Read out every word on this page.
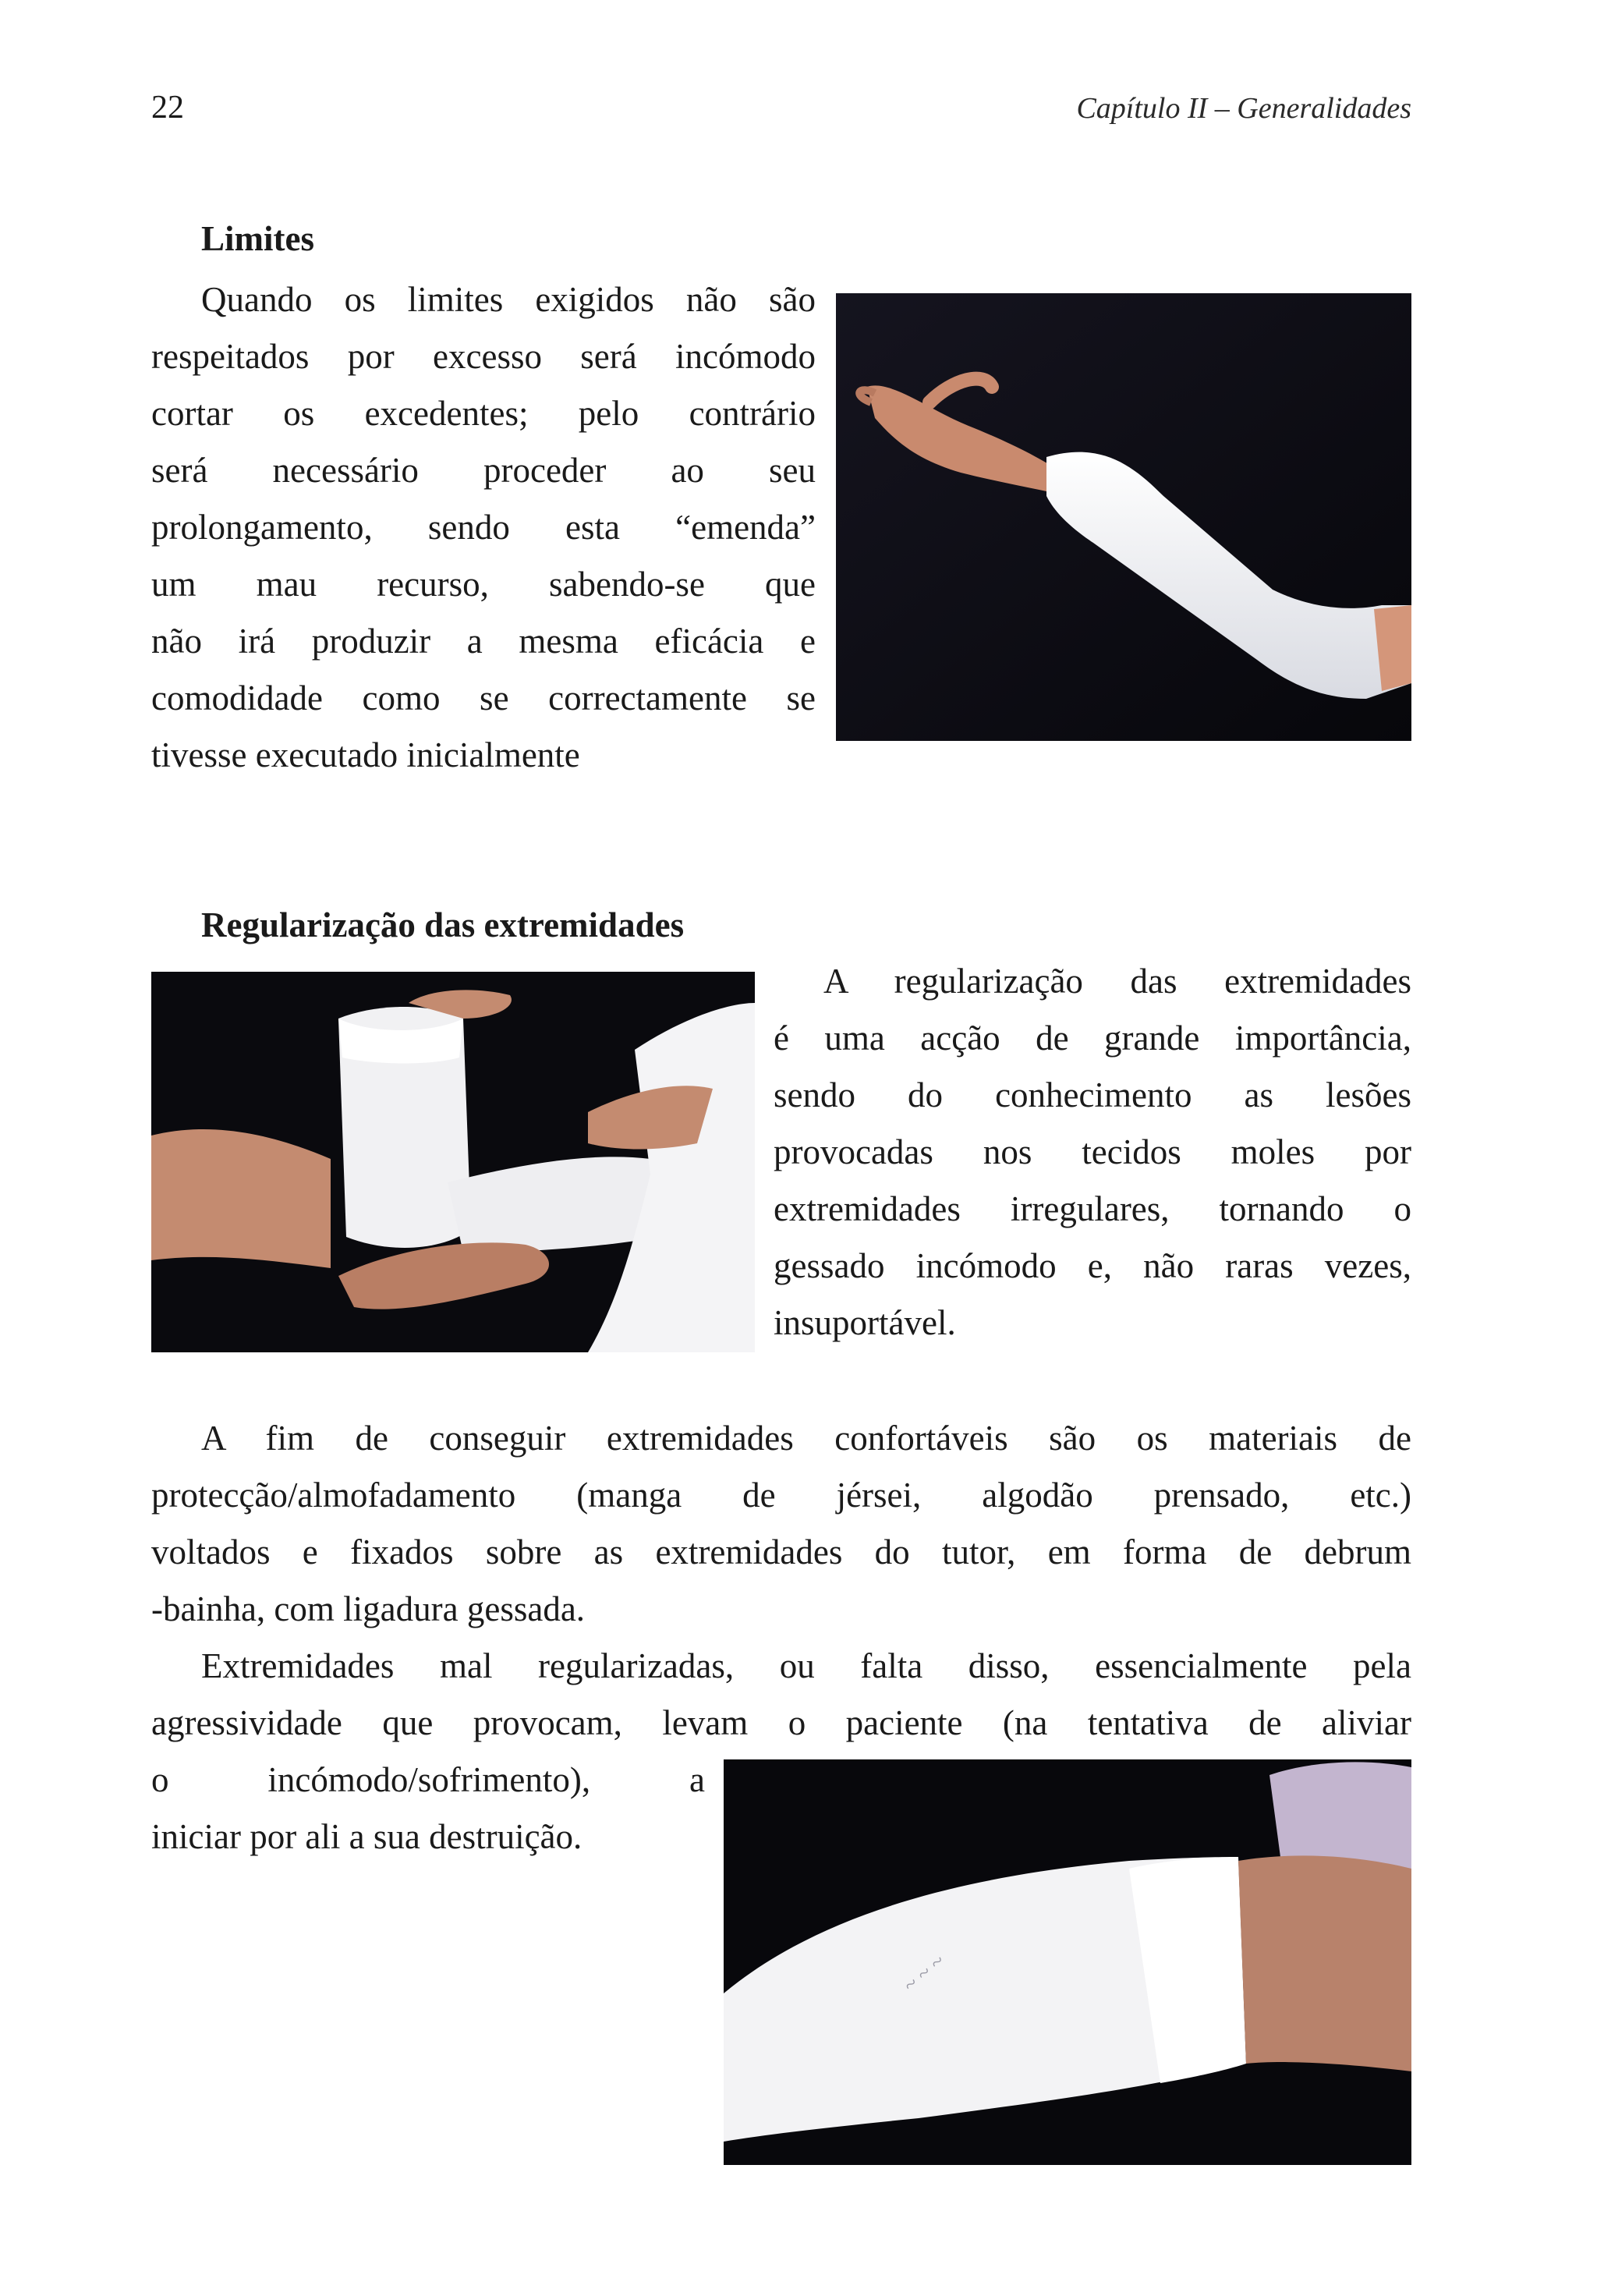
22	Capítulo II – Generalidades

Limites

Quando os limites exigidos não são

respeitados por excesso será incómodo

cortar os excedentes; pelo contrário

será necessário proceder ao seu

prolongamento, sendo esta “emenda”

um mau recurso, sabendo-se que

não irá produzir a mesma eficácia e

comodidade como se correctamente se

tivesse executado inicialmente

Regularização das extremidades

A regularização das extremidades

é uma acção de grande importância,

sendo do conhecimento as lesões

provocadas nos tecidos moles por

extremidades irregulares, tornando o

gessado incómodo e, não raras vezes,

insuportável.

A fim de conseguir extremidades confortáveis são os materiais de

protecção/almofadamento (manga de jérsei, algodão prensado, etc.)

voltados e fixados sobre as extremidades do tutor, em forma de debrum

-bainha, com ligadura gessada.

Extremidades mal regularizadas, ou falta disso, essencialmente pela

agressividade que provocam, levam o paciente (na tentativa de aliviar

o incómodo/sofrimento), a

iniciar por ali a sua destruição.

~ ~ ~
